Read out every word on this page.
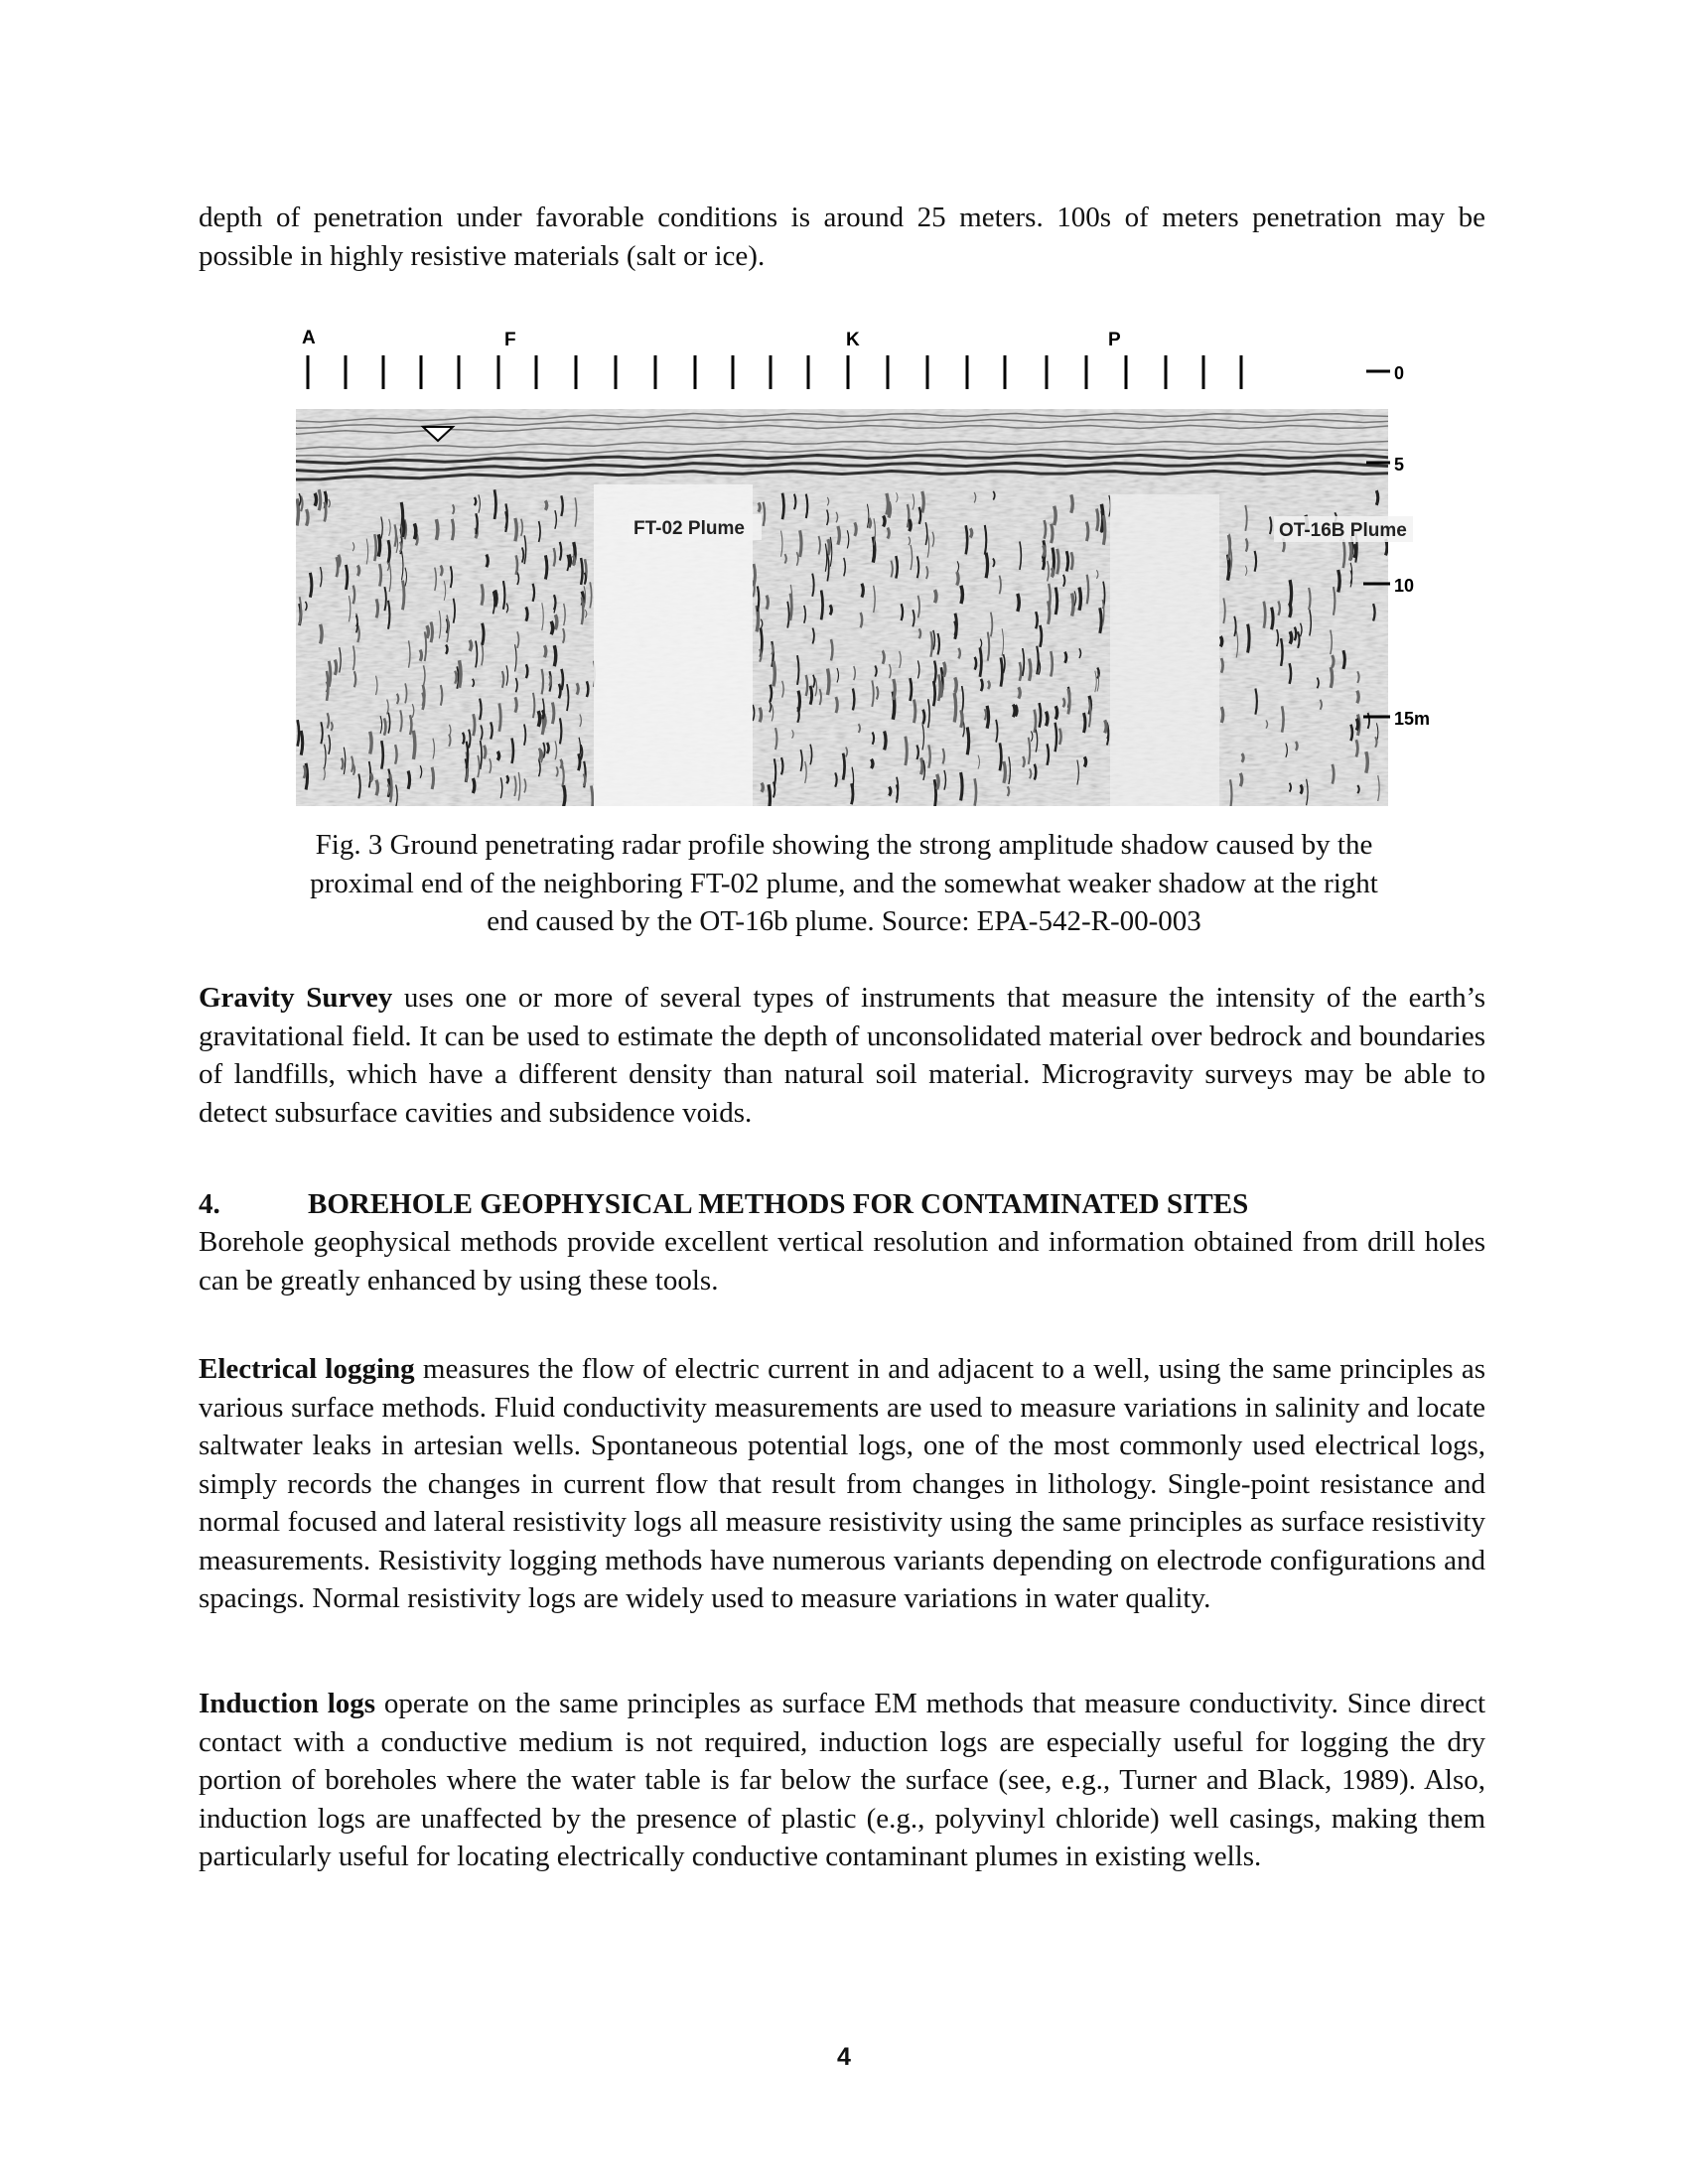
depth of penetration under favorable conditions is around 25 meters. 100s of meters penetration may be possible in highly resistive materials (salt or ice).

A	F	K	P
FT-02 Plume	OT-16B Plume
0
5
10
15m

Fig. 3 Ground penetrating radar profile showing the strong amplitude shadow caused by the proximal end of the neighboring FT-02 plume, and the somewhat weaker shadow at the right end caused by the OT-16b plume. Source: EPA-542-R-00-003

Gravity Survey uses one or more of several types of instruments that measure the intensity of the earth’s gravitational field. It can be used to estimate the depth of unconsolidated material over bedrock and boundaries of landfills, which have a different density than natural soil material. Microgravity surveys may be able to detect subsurface cavities and subsidence voids.

4.	BOREHOLE GEOPHYSICAL METHODS FOR CONTAMINATED SITES

Borehole geophysical methods provide excellent vertical resolution and information obtained from drill holes can be greatly enhanced by using these tools.

Electrical logging measures the flow of electric current in and adjacent to a well, using the same principles as various surface methods. Fluid conductivity measurements are used to measure variations in salinity and locate saltwater leaks in artesian wells. Spontaneous potential logs, one of the most commonly used electrical logs, simply records the changes in current flow that result from changes in lithology. Single-point resistance and normal focused and lateral resistivity logs all measure resistivity using the same principles as surface resistivity measurements. Resistivity logging methods have numerous variants depending on electrode configurations and spacings. Normal resistivity logs are widely used to measure variations in water quality.

Induction logs operate on the same principles as surface EM methods that measure conductivity. Since direct contact with a conductive medium is not required, induction logs are especially useful for logging the dry portion of boreholes where the water table is far below the surface (see, e.g., Turner and Black, 1989). Also, induction logs are unaffected by the presence of plastic (e.g., polyvinyl chloride) well casings, making them particularly useful for locating electrically conductive contaminant plumes in existing wells.

4
